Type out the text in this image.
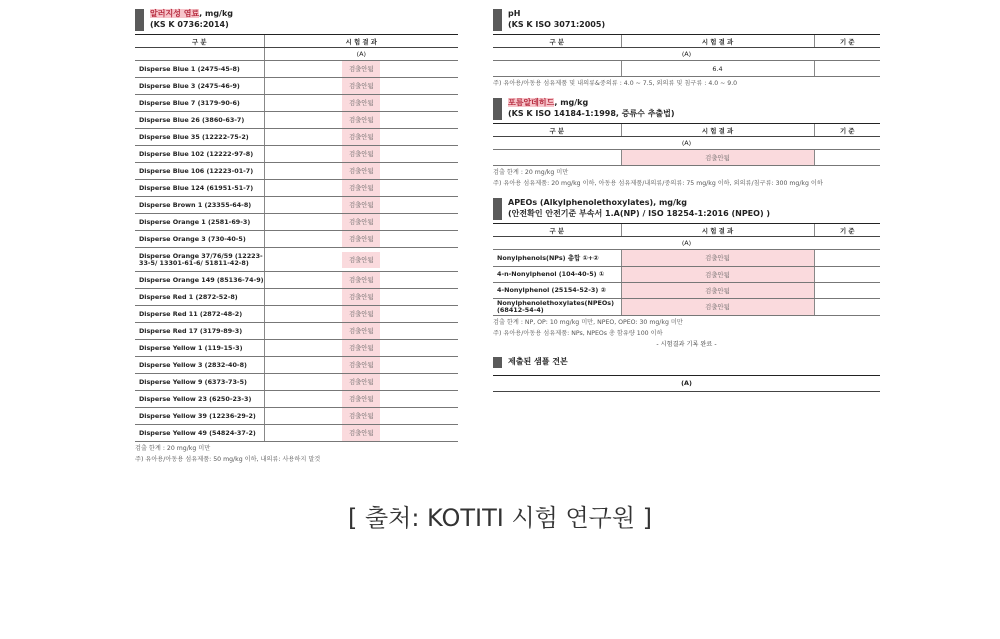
알러지성 염료, mg/kg
(KS K 0736:2014)
구 분	시 험 결 과
	(A)
Disperse Blue 1 (2475-45-8)	검출안됨
Disperse Blue 3 (2475-46-9)	검출안됨
Disperse Blue 7 (3179-90-6)	검출안됨
Disperse Blue 26 (3860-63-7)	검출안됨
Disperse Blue 35 (12222-75-2)	검출안됨
Disperse Blue 102 (12222-97-8)	검출안됨
Disperse Blue 106 (12223-01-7)	검출안됨
Disperse Blue 124 (61951-51-7)	검출안됨
Disperse Brown 1 (23355-64-8)	검출안됨
Disperse Orange 1 (2581-69-3)	검출안됨
Disperse Orange 3 (730-40-5)	검출안됨
Disperse Orange 37/76/59 (12223-33-5/ 13301-61-6/ 51811-42-8)	검출안됨
Disperse Orange 149 (85136-74-9)	검출안됨
Disperse Red 1 (2872-52-8)	검출안됨
Disperse Red 11 (2872-48-2)	검출안됨
Disperse Red 17 (3179-89-3)	검출안됨
Disperse Yellow 1 (119-15-3)	검출안됨
Disperse Yellow 3 (2832-40-8)	검출안됨
Disperse Yellow 9 (6373-73-5)	검출안됨
Disperse Yellow 23 (6250-23-3)	검출안됨
Disperse Yellow 39 (12236-29-2)	검출안됨
Disperse Yellow 49 (54824-37-2)	검출안됨
검출 한계 : 20 mg/kg 미만
주) 유아용/아동용 섬유제품: 50 mg/kg 이하, 내의류: 사용하지 말것
pH
(KS K ISO 3071:2005)
구 분	시 험 결 과	기 준
(A)		
	6.4	
주) 유아용/아동용 섬유제품 및 내의류&중의류 : 4.0 ~ 7.5, 외의류 및 침구류 : 4.0 ~ 9.0
포름알데히드, mg/kg
(KS K ISO 14184-1:1998, 증류수 추출법)
구 분	시 험 결 과	기 준
(A)		
	검출안됨	
검출 한계 : 20 mg/kg 미만
주) 유아용 섬유제품: 20 mg/kg 이하, 아동용 섬유제품/내의류/중의류: 75 mg/kg 이하, 외의류/침구류: 300 mg/kg 이하
APEOs (Alkylphenolethoxylates), mg/kg
(안전확인 안전기준 부속서 1.A(NP) / ISO 18254-1:2016 (NPEO) )
구 분	시 험 결 과	기 준
(A)		
Nonylphenols(NPs) 총합 ①+②	검출안됨	
4-n-Nonylphenol (104-40-5) ①	검출안됨	
4-Nonylphenol (25154-52-3) ②	검출안됨	
Nonylphenolethoxylates(NPEOs) (68412-54-4)	검출안됨	
검출 한계 : NP, OP: 10 mg/kg 미만, NPEO, OPEO: 30 mg/kg 미만
주) 유아용/아동용 섬유제품: NPs, NPEOs 총 함유량 100 이하
- 시험결과 기록 완료 -
제출된 샘플 견본
(A)
[ 출처: KOTITI 시험 연구원 ]
